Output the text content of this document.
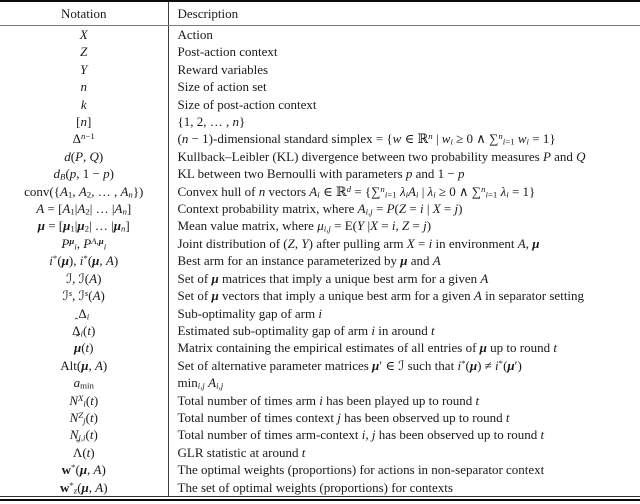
Notation	Description
X	Action
Z	Post-action context
Y	Reward variables
n	Size of action set
k	Size of post-action context
[n]	{1, 2, … , n}
$\Delta^{n-1}$	(n − 1)-dimensional standard simplex = {w ∈ ℝ$^n$ | $w_i \ge 0$ ∧ ∑$^n_{i=1}$ $w_i = 1$}
d(P, Q)	Kullback–Leibler (KL) divergence between two probability measures P and Q
$d_B(p$, 1 − p)	KL between two Bernoulli with parameters p and 1 − p
$conv(\{A_1$, $A_2$, … , $A_n$})	Convex hull of n vectors $A_i$ ∈ ℝ$^d$ = {∑$^n_{i=1}$ $\lambda_iA_i$ | $\lambda_i \ge 0$ ∧ ∑$^n_{i=1}$ $\lambda_i = 1$}
$A = [A_1|A_2|$ … $|A_n$]	Context probability matrix, where $A_{i,j} = P(Z = i$ | X = j)
$\mu = [\mu_1|\mu_2|$ … $|\mu_n$]	Mean value matrix, where $\mu_{i,j} = E(Y$ |X = i, Z = j)
$P^\mu_i$, $P^{A,\mu}_i$	Joint distribution of (Z, Y) after pulling arm X = i in environment A, μ
i*(μ), i*(μ, A)	Best arm for an instance parameterized by μ and A
ℐ, ℐ(A)	Set of μ matrices that imply a unique best arm for a given A
ℐ$^s$, ℐ$^s$(A)	Set of μ vectors that imply a unique best arm for a given A in separator setting
$\Delta_i$	Sub-optimality gap of arm i
Δ ˆ$_i$(t)	Estimated sub-optimality gap of arm i in around t
μ ˆ(t)	Matrix containing the empirical estimates of all entries of μ up to round t
Alt(μ, A)	Set of alternative parameter matrices μ′ ∈ ℐ such that i*(μ) ≠ i*(μ′)
$a_{min}$	$\min_{i,j} A_{i,j}$
$N^X_i(t)$	Total number of times arm i has been played up to round t
$N^Z_j(t)$	Total number of times context j has been observed up to round t
$N_{j,i}(t)$	Total number of times arm-context i, j has been observed up to round t
Λ ˆ(t)	GLR statistic at around t
w*(μ, A)	The optimal weights (proportions) for actions in non-separator context
$w^*_z(\mu$, A)	The set of optimal weights (proportions) for contexts
